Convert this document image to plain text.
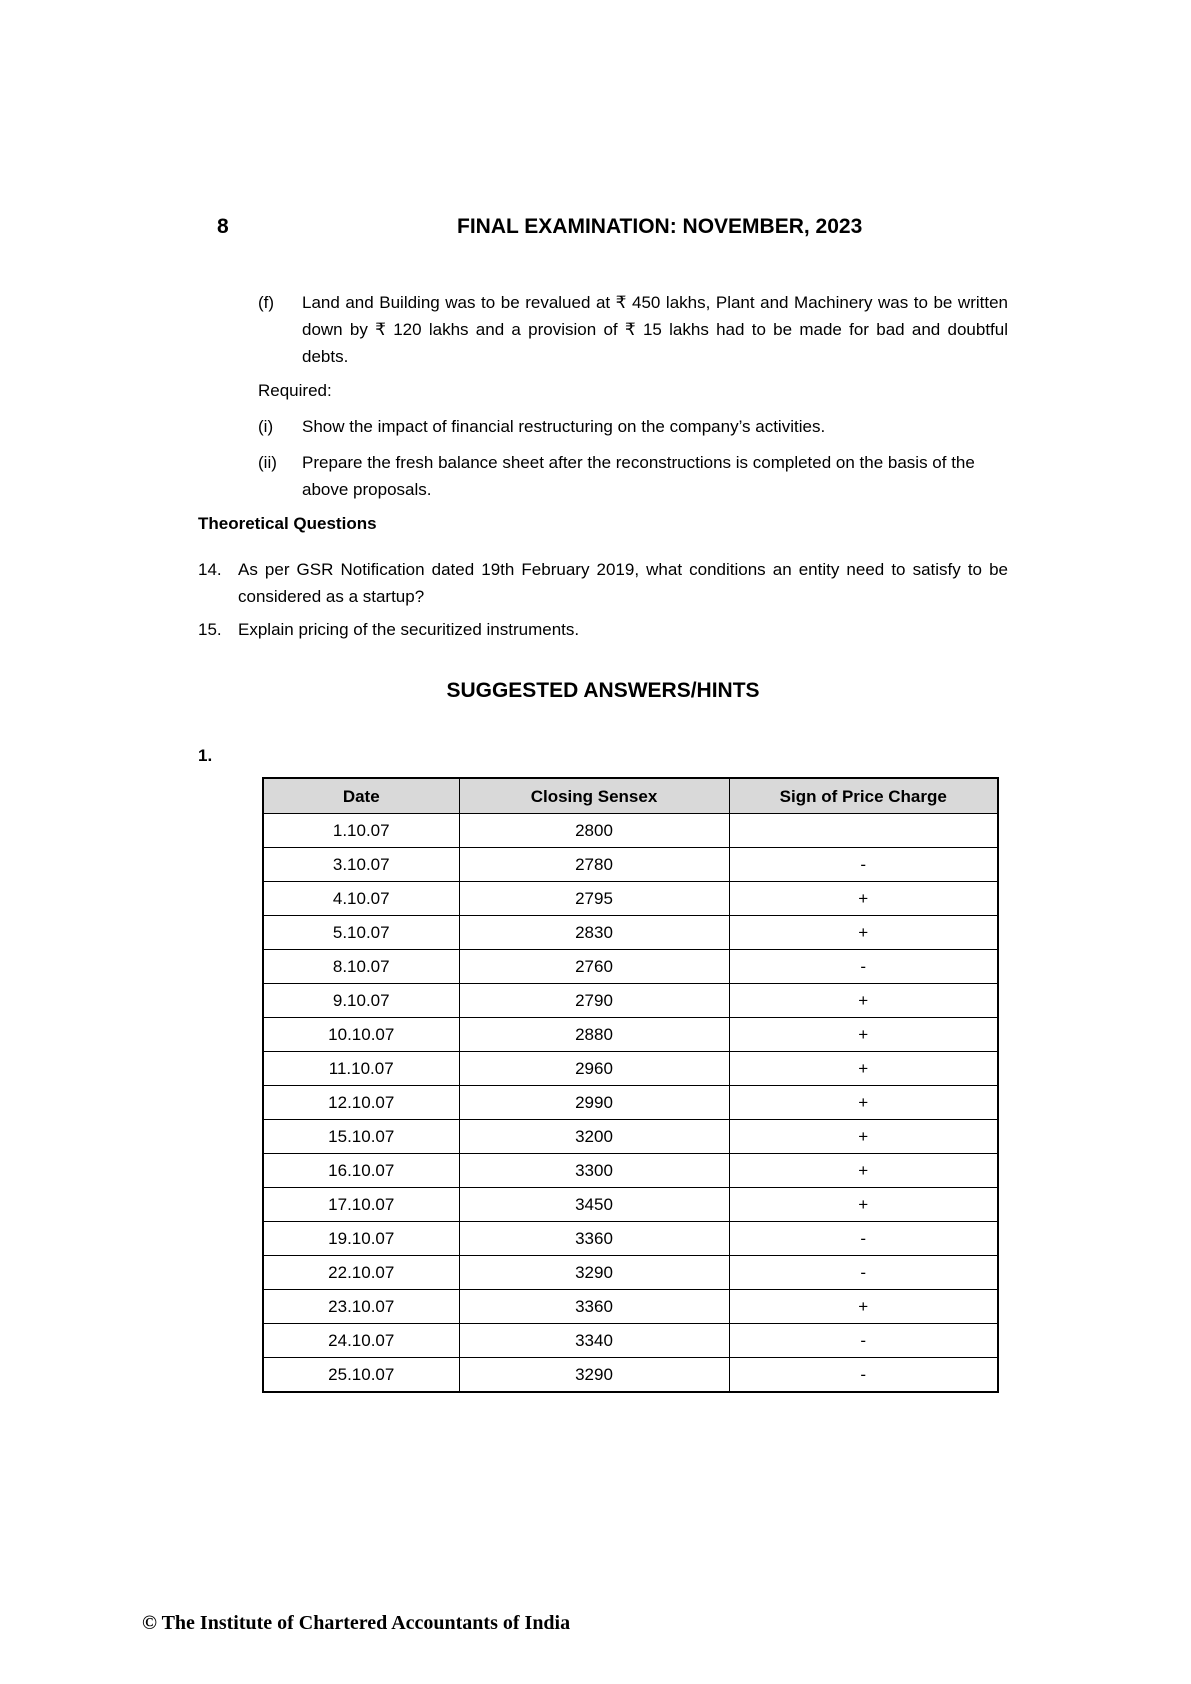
8	FINAL EXAMINATION: NOVEMBER, 2023
(f)	Land and Building was to be revalued at ₹ 450 lakhs, Plant and Machinery was to be written down by ₹ 120 lakhs and a provision of ₹ 15 lakhs had to be made for bad and doubtful debts.

Required:

(i)	Show the impact of financial restructuring on the company’s activities.

(ii)	Prepare the fresh balance sheet after the reconstructions is completed on the basis of the above proposals.

Theoretical Questions
14. As per GSR Notification dated 19th February 2019, what conditions an entity need to satisfy to be considered as a startup?

15. Explain pricing of the securitized instruments.

SUGGESTED ANSWERS/HINTS

1.

Date	Closing Sensex	Sign of Price Charge
1.10.07	2800	
3.10.07	2780	-
4.10.07	2795	+
5.10.07	2830	+
8.10.07	2760	-
9.10.07	2790	+
10.10.07	2880	+
11.10.07	2960	+
12.10.07	2990	+
15.10.07	3200	+
16.10.07	3300	+
17.10.07	3450	+
19.10.07	3360	-
22.10.07	3290	-
23.10.07	3360	+
24.10.07	3340	-
25.10.07	3290	-
© The Institute of Chartered Accountants of India
